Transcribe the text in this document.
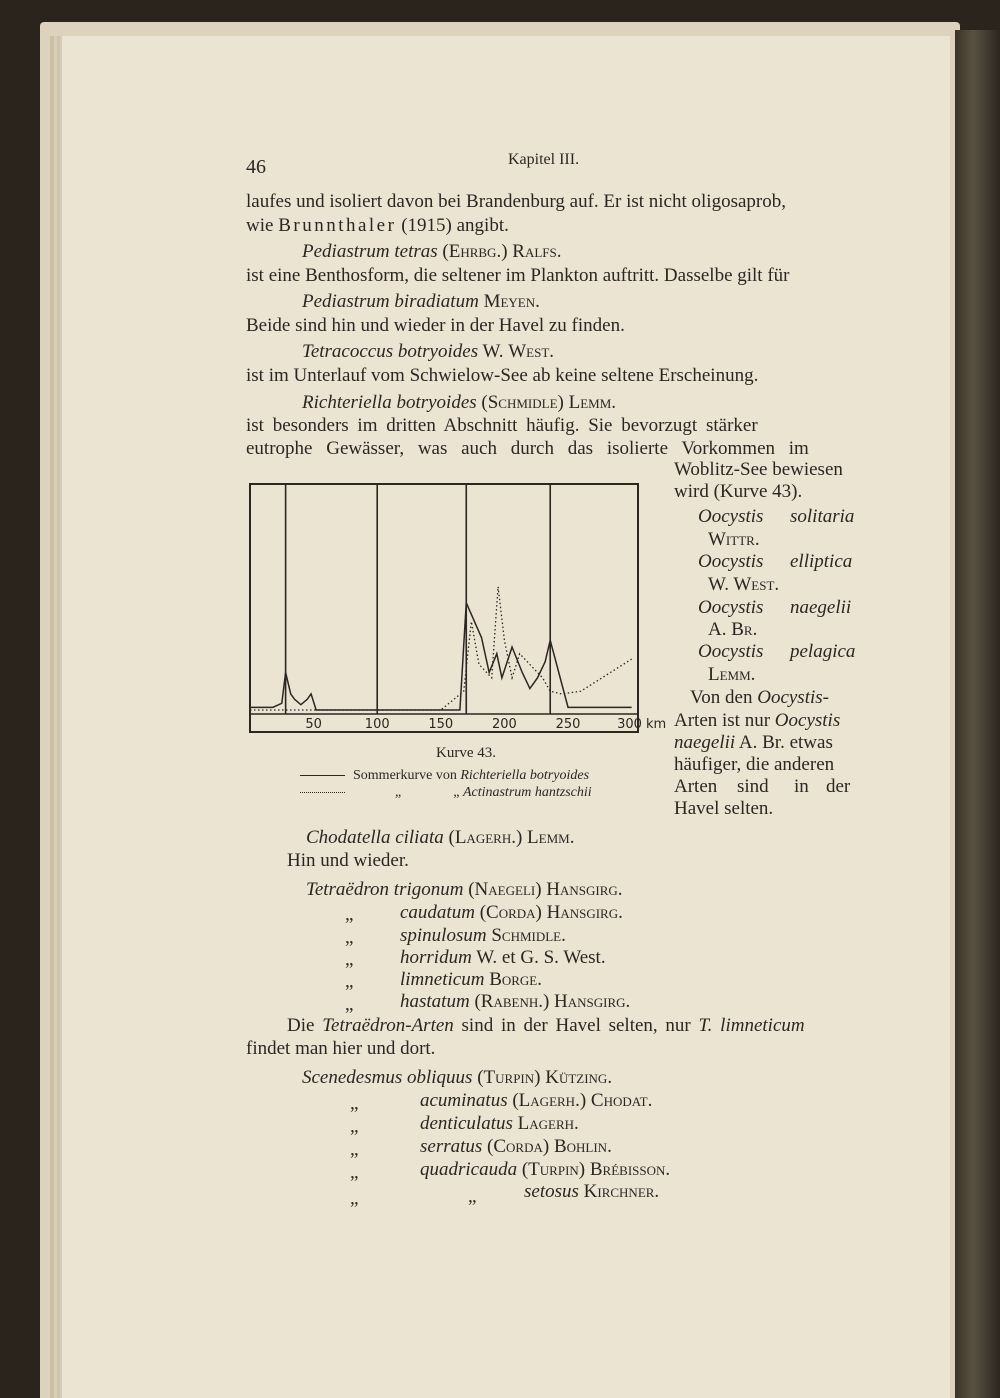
46	Kapitel III.
laufes und isoliert davon bei Brandenburg auf. Er ist nicht oligosaprob,
wie Brunnthaler (1915) angibt.
Pediastrum tetras (Ehrbg.) Ralfs.
ist eine Benthosform, die seltener im Plankton auftritt. Dasselbe gilt für
Pediastrum biradiatum Meyen.
Beide sind hin und wieder in der Havel zu finden.
Tetracoccus botryoides W. West.
ist im Unterlauf vom Schwielow-See ab keine seltene Erscheinung.
Richteriella botryoides (Schmidle) Lemm.
ist besonders im dritten Abschnitt häufig. Sie bevorzugt stärker
eutrophe Gewässer, was auch durch das isolierte Vorkommen im
Woblitz-See bewiesen
wird (Kurve 43).
Oocystis solitaria
Wittr.
Oocystis elliptica
W. West.
Oocystis naegelii
A. Br.
Oocystis pelagica
Lemm.
Von den Oocystis-
Arten ist nur Oocystis
naegelii A. Br. etwas
häufiger, die anderen
Arten sind in der
Havel selten.
50	100	150	200	250	300 km
Kurve 43.
Sommerkurve von Richteriella botryoides
„	„ Actinastrum hantzschii
Chodatella ciliata (Lagerh.) Lemm.
Hin und wieder.
Tetraëdron trigonum (Naegeli) Hansgirg.
„ caudatum (Corda) Hansgirg.
„ spinulosum Schmidle.
„ horridum W. et G. S. West.
„ limneticum Borge.
„ hastatum (Rabenh.) Hansgirg.
Die Tetraëdron-Arten sind in der Havel selten, nur T. limneticum
findet man hier und dort.
Scenedesmus obliquus (Turpin) Kützing.
„	acuminatus (Lagerh.) Chodat.
„	denticulatus Lagerh.
„	serratus (Corda) Bohlin.
„	quadricauda (Turpin) Brébisson.
„	„	setosus Kirchner.
